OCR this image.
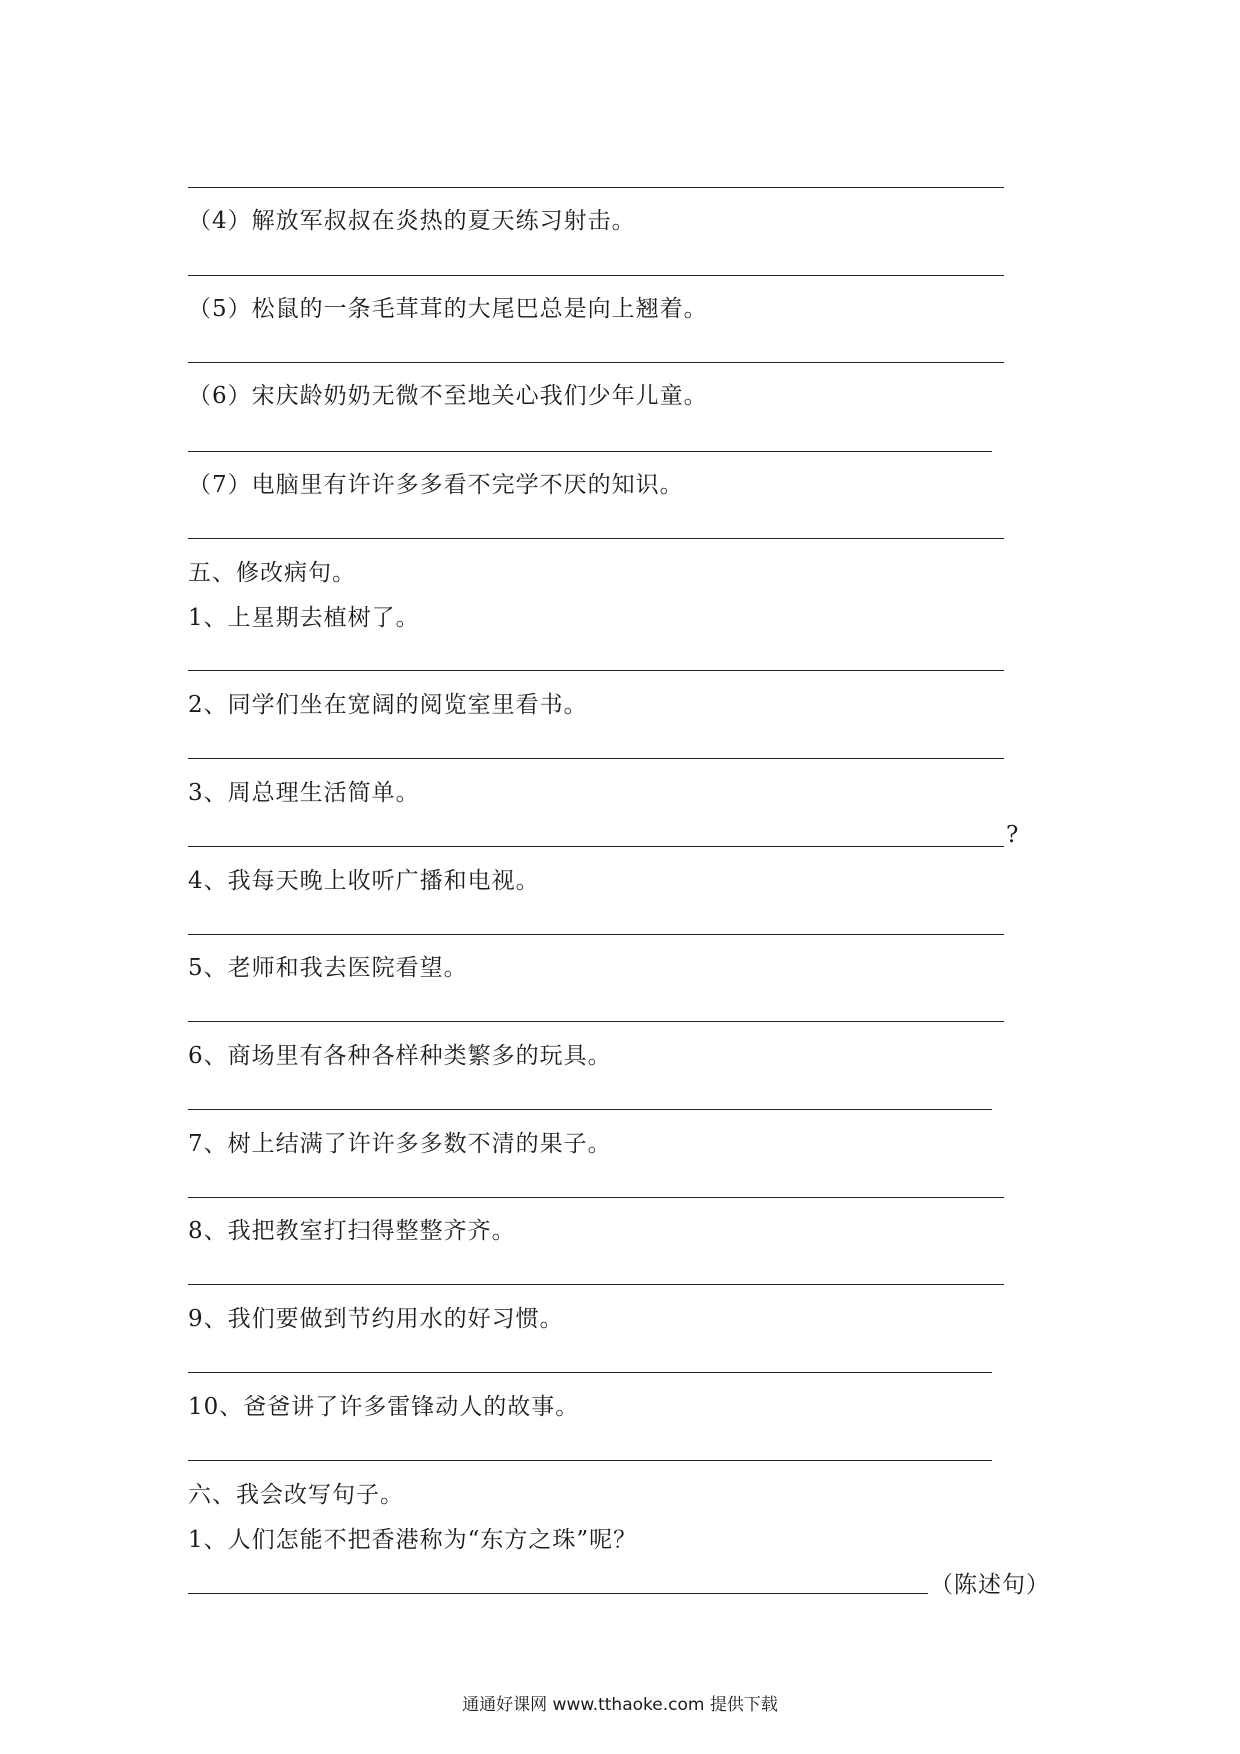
（4）解放军叔叔在炎热的夏天练习射击。
（5）松鼠的一条毛茸茸的大尾巴总是向上翘着。
（6）宋庆龄奶奶无微不至地关心我们少年儿童。
（7）电脑里有许许多多看不完学不厌的知识。
五、修改病句。
1、上星期去植树了。
2、同学们坐在宽阔的阅览室里看书。
3、周总理生活简单。
?
4、我每天晚上收听广播和电视。
5、老师和我去医院看望。
6、商场里有各种各样种类繁多的玩具。
7、树上结满了许许多多数不清的果子。
8、我把教室打扫得整整齐齐。
9、我们要做到节约用水的好习惯。
10、爸爸讲了许多雷锋动人的故事。
六、我会改写句子。
1、人们怎能不把香港称为“东方之珠”呢？
（陈述句）
通通好课网 www.tthaoke.com 提供下载
